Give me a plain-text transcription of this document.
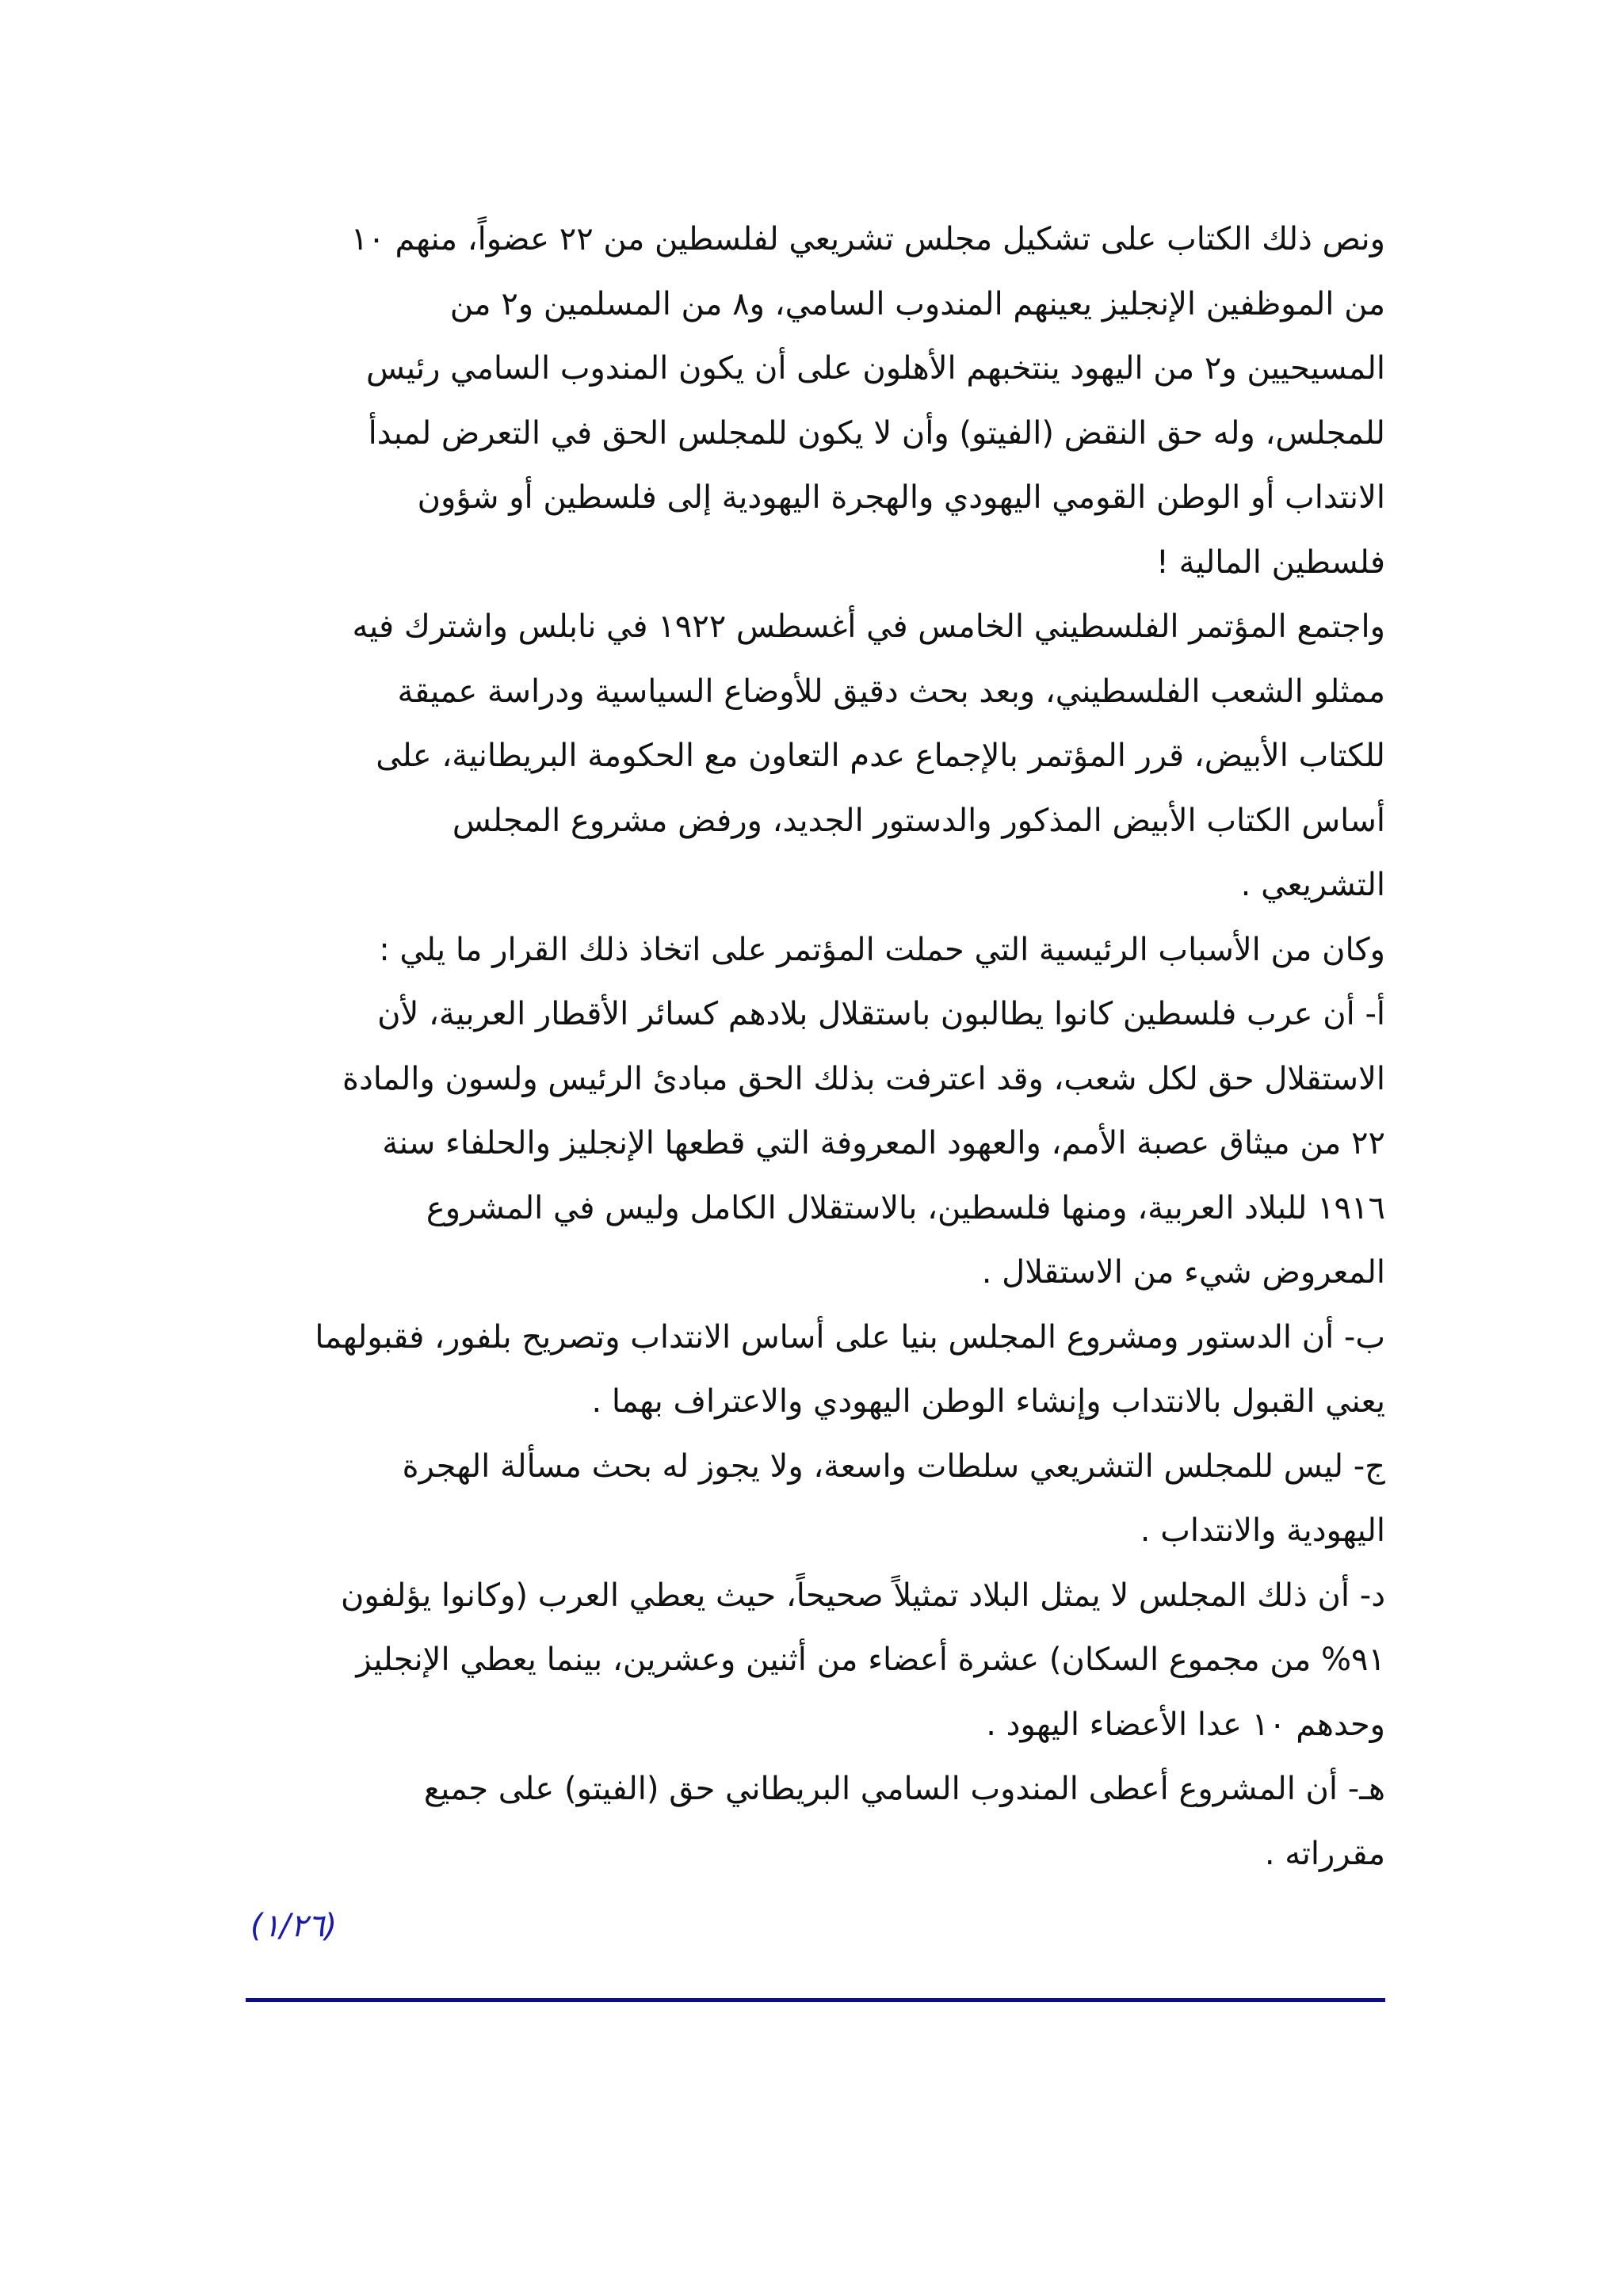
ونص ذلك الكتاب على تشكيل مجلس تشريعي لفلسطين من ٢٢ عضواً، منهم ١٠
من الموظفين الإنجليز يعينهم المندوب السامي، و٨ من المسلمين و٢ من
المسيحيين و٢ من اليهود ينتخبهم الأهلون على أن يكون المندوب السامي رئيس
للمجلس، وله حق النقض (الفيتو) وأن لا يكون للمجلس الحق في التعرض لمبدأ
الانتداب أو الوطن القومي اليهودي والهجرة اليهودية إلى فلسطين أو شؤون
فلسطين المالية !
واجتمع المؤتمر الفلسطيني الخامس في أغسطس ١٩٢٢ في نابلس واشترك فيه
ممثلو الشعب الفلسطيني، وبعد بحث دقيق للأوضاع السياسية ودراسة عميقة
للكتاب الأبيض، قرر المؤتمر بالإجماع عدم التعاون مع الحكومة البريطانية، على
أساس الكتاب الأبيض المذكور والدستور الجديد، ورفض مشروع المجلس
التشريعي .
وكان من الأسباب الرئيسية التي حملت المؤتمر على اتخاذ ذلك القرار ما يلي :
أ- أن عرب فلسطين كانوا يطالبون باستقلال بلادهم كسائر الأقطار العربية، لأن
الاستقلال حق لكل شعب، وقد اعترفت بذلك الحق مبادئ الرئيس ولسون والمادة
٢٢ من ميثاق عصبة الأمم، والعهود المعروفة التي قطعها الإنجليز والحلفاء سنة
١٩١٦ للبلاد العربية، ومنها فلسطين، بالاستقلال الكامل وليس في المشروع
المعروض شيء من الاستقلال .
ب- أن الدستور ومشروع المجلس بنيا على أساس الانتداب وتصريح بلفور، فقبولهما
يعني القبول بالانتداب وإنشاء الوطن اليهودي والاعتراف بهما .
ج- ليس للمجلس التشريعي سلطات واسعة، ولا يجوز له بحث مسألة الهجرة
اليهودية والانتداب .
د- أن ذلك المجلس لا يمثل البلاد تمثيلاً صحيحاً، حيث يعطي العرب (وكانوا يؤلفون
٩١% من مجموع السكان) عشرة أعضاء من أثنين وعشرين، بينما يعطي الإنجليز
وحدهم ١٠ عدا الأعضاء اليهود .
هـ- أن المشروع أعطى المندوب السامي البريطاني حق (الفيتو) على جميع
مقرراته .
(١/٢٦)
